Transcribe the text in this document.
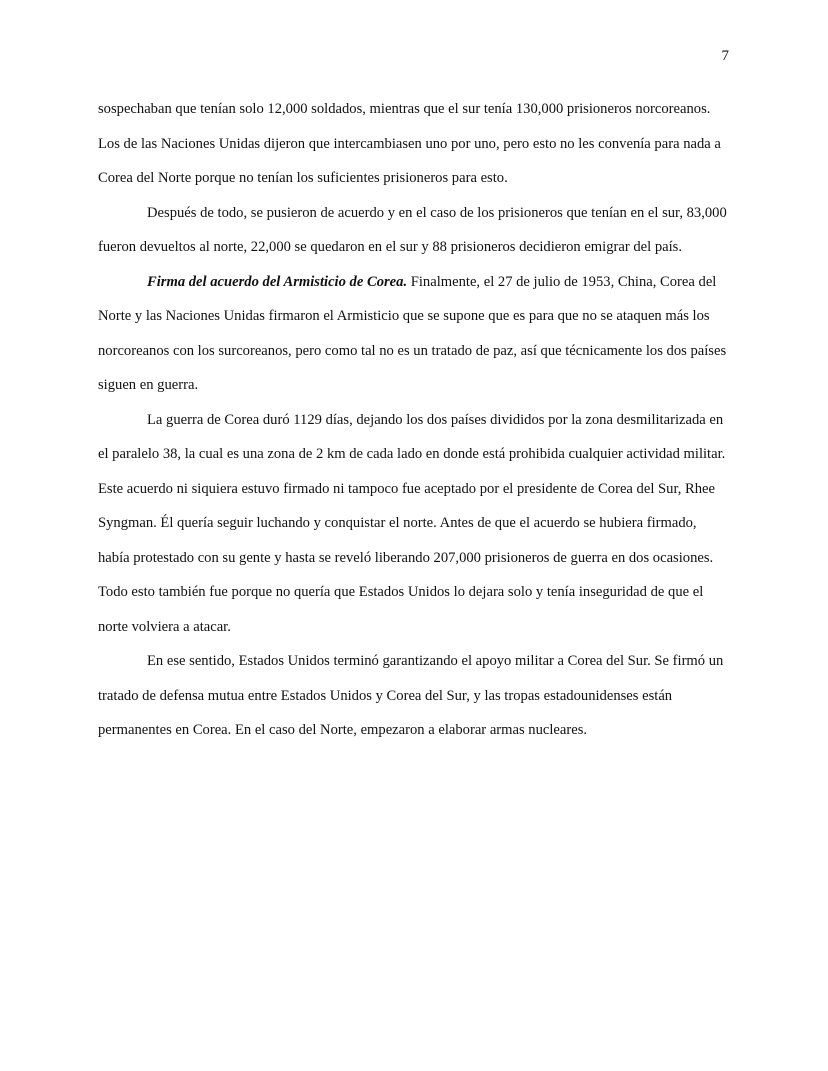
7

sospechaban que tenían solo 12,000 soldados, mientras que el sur tenía 130,000 prisioneros norcoreanos. Los de las Naciones Unidas dijeron que intercambiasen uno por uno, pero esto no les convenía para nada a Corea del Norte porque no tenían los suficientes prisioneros para esto.

Después de todo, se pusieron de acuerdo y en el caso de los prisioneros que tenían en el sur, 83,000 fueron devueltos al norte, 22,000 se quedaron en el sur y 88 prisioneros decidieron emigrar del país.

Firma del acuerdo del Armisticio de Corea. Finalmente, el 27 de julio de 1953, China, Corea del Norte y las Naciones Unidas firmaron el Armisticio que se supone que es para que no se ataquen más los norcoreanos con los surcoreanos, pero como tal no es un tratado de paz, así que técnicamente los dos países siguen en guerra.

La guerra de Corea duró 1129 días, dejando los dos países divididos por la zona desmilitarizada en el paralelo 38, la cual es una zona de 2 km de cada lado en donde está prohibida cualquier actividad militar. Este acuerdo ni siquiera estuvo firmado ni tampoco fue aceptado por el presidente de Corea del Sur, Rhee Syngman. Él quería seguir luchando y conquistar el norte. Antes de que el acuerdo se hubiera firmado, había protestado con su gente y hasta se reveló liberando 207,000 prisioneros de guerra en dos ocasiones. Todo esto también fue porque no quería que Estados Unidos lo dejara solo y tenía inseguridad de que el norte volviera a atacar.

En ese sentido, Estados Unidos terminó garantizando el apoyo militar a Corea del Sur. Se firmó un tratado de defensa mutua entre Estados Unidos y Corea del Sur, y las tropas estadounidenses están permanentes en Corea. En el caso del Norte, empezaron a elaborar armas nucleares.
